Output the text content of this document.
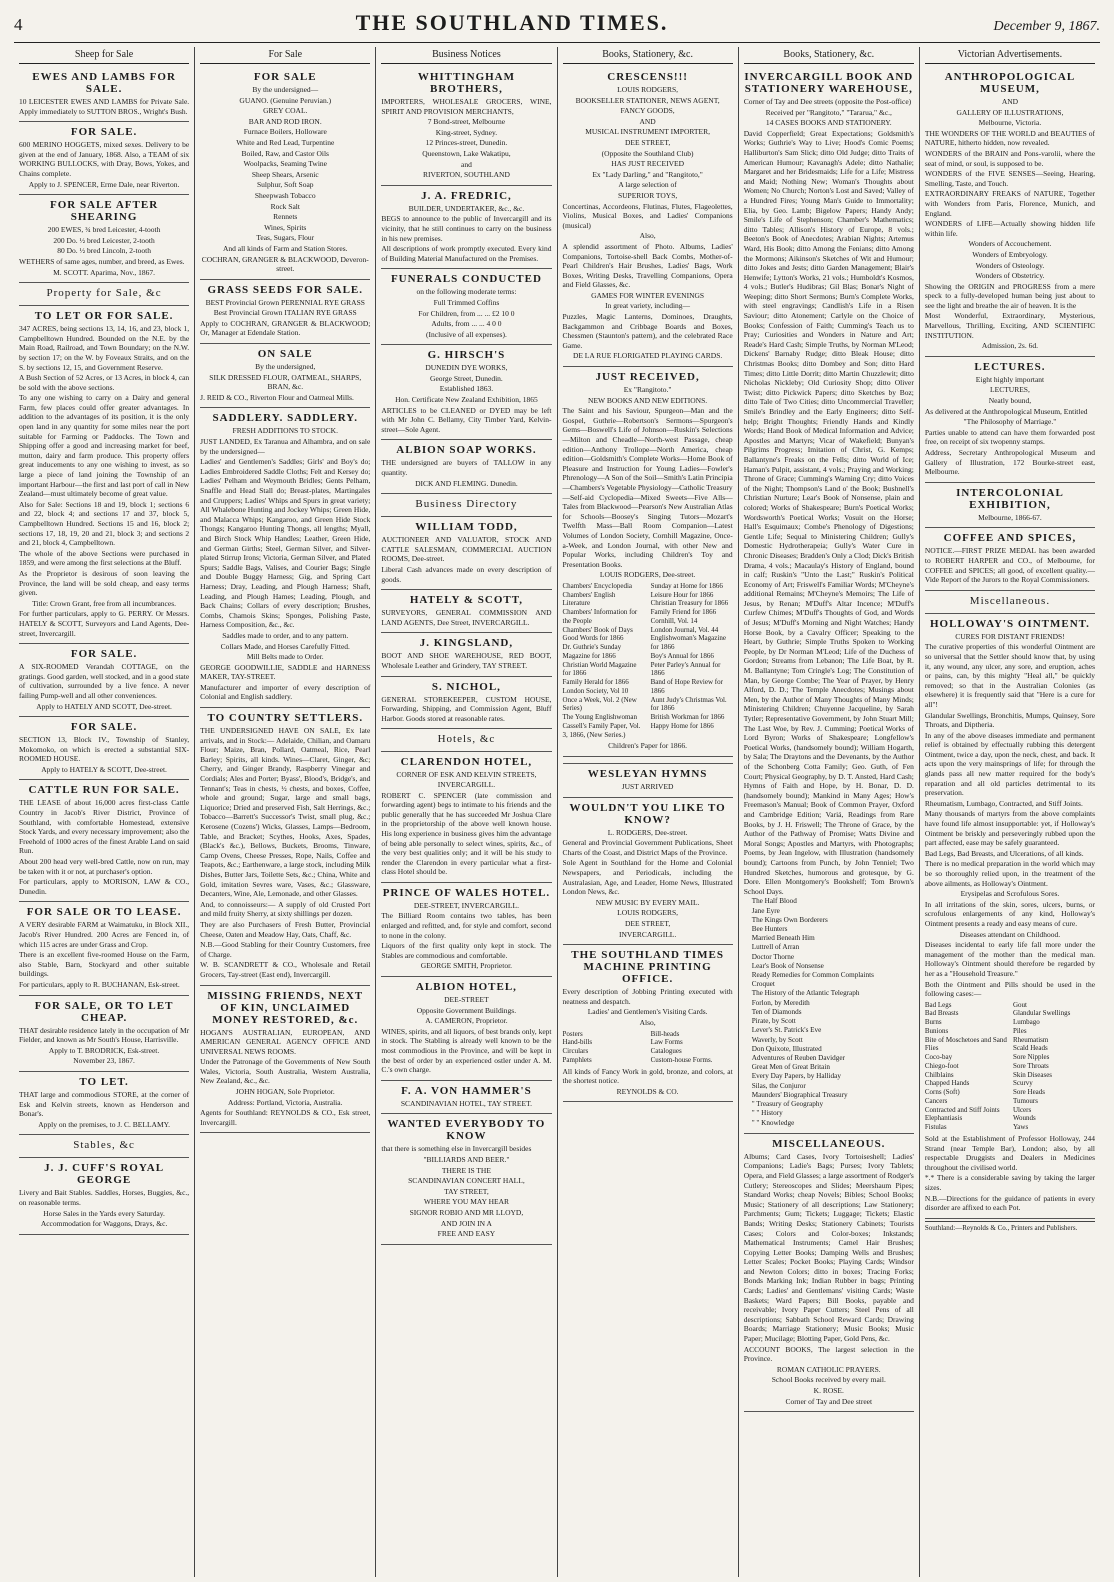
4	THE SOUTHLAND TIMES.	December 9, 1867.
Sheep for Sale
EWES AND LAMBS FOR SALE.

10 LEICESTER EWES AND LAMBS for Private Sale. Apply immediately to SUTTON BROS., Wright's Bush.

FOR SALE.

600 MERINO HOGGETS, mixed sexes. Delivery to be given at the end of January, 1868. Also, a TEAM of six WORKING BULLOCKS, with Dray, Bows, Yokes, and Chains complete.

Apply to J. SPENCER, Erme Dale, near Riverton.

FOR SALE AFTER SHEARING

200 EWES, ¾ bred Leicester, 4-tooth

200 Do. ½ bred Leicester, 2-tooth

80 Do. ½ bred Lincoln, 2-tooth

WETHERS of same ages, number, and breed, as Ewes.

M. SCOTT. Aparima, Nov., 1867.

Property for Sale, &c
TO LET OR FOR SALE.

347 ACRES, being sections 13, 14, 16, and 23, block 1, Campbelltown Hundred. Bounded on the N.E. by the Main Road, Railroad, and Town Boundary; on the N.W. by section 17; on the W. by Foveaux Straits, and on the S. by sections 12, 15, and Government Reserve.

A Bush Section of 52 Acres, or 13 Acres, in block 4, can be sold with the above sections.

To any one wishing to carry on a Dairy and general Farm, few places could offer greater advantages. In addition to the advantages of its position, it is the only open land in any quantity for some miles near the port suitable for Farming or Paddocks. The Town and Shipping offer a good and increasing market for beef, mutton, dairy and farm produce. This property offers great inducements to any one wishing to invest, as so large a piece of land joining the Township of an important Harbour—the first and last port of call in New Zealand—must ultimately become of great value.

Also for Sale: Sections 18 and 19, block 1; sections 6 and 22, block 4; and sections 17 and 37, block 5, Campbelltown Hundred. Sections 15 and 16, block 2; sections 17, 18, 19, 20 and 21, block 3; and sections 2 and 21, block 4, Campbelltown.

The whole of the above Sections were purchased in 1859, and were among the first selections at the Bluff.

As the Proprietor is desirous of soon leaving the Province, the land will be sold cheap, and easy terms given.

Title: Crown Grant, free from all incumbrances.

For further particulars, apply to G. PERRY. Or Messrs. HATELY & SCOTT, Surveyors and Land Agents, Dee-street, Invercargill.

FOR SALE.

A SIX-ROOMED Verandah COTTAGE, on the gratings. Good garden, well stocked, and in a good state of cultivation, surrounded by a live fence. A never failing Pump-well and all other conveniences.

Apply to HATELY AND SCOTT, Dee-street.

FOR SALE.

SECTION 13, Block IV., Township of Stanley, Mokomoko, on which is erected a substantial SIX-ROOMED HOUSE.

Apply to HATELY & SCOTT, Dee-street.

CATTLE RUN FOR SALE.

THE LEASE of about 16,000 acres first-class Cattle Country in Jacob's River District, Province of Southland, with comfortable Homestead, extensive Stock Yards, and every necessary improvement; also the Freehold of 1000 acres of the finest Arable Land on said Run.

About 200 head very well-bred Cattle, now on run, may be taken with it or not, at purchaser's option.

For particulars, apply to MORISON, LAW & CO., Dunedin.

FOR SALE OR TO LEASE.

A VERY desirable FARM at Waimatuku, in Block XII., Jacob's River Hundred. 200 Acres are Fenced in, of which 115 acres are under Grass and Crop.

There is an excellent five-roomed House on the Farm, also Stable, Barn, Stockyard and other suitable buildings.

For particulars, apply to R. BUCHANAN, Esk-street.

FOR SALE, OR TO LET CHEAP.

THAT desirable residence lately in the occupation of Mr Fielder, and known as Mr South's House, Harrisville.

Apply to T. BRODRICK, Esk-street.

November 23, 1867.

TO LET.

THAT large and commodious STORE, at the corner of Esk and Kelvin streets, known as Henderson and Bonar's.

Apply on the premises, to J. C. BELLAMY.

Stables, &c
J. J. CUFF'S ROYAL GEORGE

Livery and Bait Stables. Saddles, Horses, Buggies, &c., on reasonable terms.

Horse Sales in the Yards every Saturday.

Accommodation for Waggons, Drays, &c.

For Sale
FOR SALE

By the undersigned—

GUANO. (Genuine Peruvian.)

GREY COAL.

BAR AND ROD IRON.

Furnace Boilers, Holloware

White and Red Lead, Turpentine

Boiled, Raw, and Castor Oils

Woolpacks, Seaming Twine

Sheep Shears, Arsenic

Sulphur, Soft Soap

Sheepwash Tobacco

Rock Salt

Rennets

Wines, Spirits

Teas, Sugars, Flour

And all kinds of Farm and Station Stores.

COCHRAN, GRANGER & BLACKWOOD, Deveron-street.

GRASS SEEDS FOR SALE.

BEST Provincial Grown PERENNIAL RYE GRASS

Best Provincial Grown ITALIAN RYE GRASS

Apply to COCHRAN, GRANGER & BLACKWOOD; Or, Manager at Edendale Station.

ON SALE

By the undersigned,

SILK DRESSED FLOUR, OATMEAL, SHARPS, BRAN, &c.

J. REID & CO., Riverton Flour and Oatmeal Mills.

SADDLERY. SADDLERY.

FRESH ADDITIONS TO STOCK.

JUST LANDED, Ex Taranua and Alhambra, and on sale by the undersigned—

Ladies' and Gentlemen's Saddles; Girls' and Boy's do; Ladies Embroidered Saddle Cloths; Felt and Kersey do; Ladies' Pelham and Weymouth Bridles; Gents Pelham, Snaffle and Head Stall do; Breast-plates, Martingales and Cruppers; Ladies' Whips and Spurs in great variety; All Whalebone Hunting and Jockey Whips; Green Hide, and Malacca Whips; Kangaroo, and Green Hide Stock Thongs; Kangaroo Hunting Thongs, all lengths; Myall, and Birch Stock Whip Handles; Leather, Green Hide, and German Girths; Steel, German Silver, and Silver-plated Stirrup Irons; Victoria, German Silver, and Plated Spurs; Saddle Bags, Valises, and Courier Bags; Single and Double Buggy Harness; Gig, and Spring Cart Harness; Dray, Leading, and Plough Harness; Shaft, Leading, and Plough Hames; Leading, Plough, and Back Chains; Collars of every description; Brushes, Combs, Chamois Skins; Sponges, Polishing Paste, Harness Composition, &c., &c.

Saddles made to order, and to any pattern.

Collars Made, and Horses Carefully Fitted.

Mill Belts made to Order.

GEORGE GOODWILLIE, SADDLE and HARNESS MAKER, TAY-STREET.

Manufacturer and importer of every description of Colonial and English saddlery.

TO COUNTRY SETTLERS.

THE UNDERSIGNED HAVE ON SALE, Ex late arrivals, and in Stock:— Adelaide, Chilian, and Oamaru Flour; Maize, Bran, Pollard, Oatmeal, Rice, Pearl Barley; Spirits, all kinds. Wines—Claret, Ginger, &c; Cherry, and Ginger Brandy, Raspberry Vinegar and Cordials; Ales and Porter; Byass', Blood's, Bridge's, and Tennant's; Teas in chests, ½ chests, and boxes, Coffee, whole and ground; Sugar, large and small bags, Liquorice; Dried and preserved Fish, Salt Herrings, &c.; Tobacco—Barrett's Successor's Twist, small plug, &c.; Kerosene (Cozens') Wicks, Glasses, Lamps—Bedroom, Table, and Bracket; Scythes, Hooks, Axes, Spades, (Black's &c.), Bellows, Buckets, Brooms, Tinware, Camp Ovens, Cheese Presses, Rope, Nails, Coffee and Teapots, &c.; Earthenware, a large stock, including Milk Dishes, Butter Jars, Toilette Sets, &c.; China, White and Gold, imitation Sevres ware, Vases, &c.; Glassware, Decanters, Wine, Ale, Lemonade, and other Glasses.

And, to connoisseurs:— A supply of old Crusted Port and mild fruity Sherry, at sixty shillings per dozen.

They are also Purchasers of Fresh Butter, Provincial Cheese, Oaten and Meadow Hay, Oats, Chaff, &c.

N.B.—Good Stabling for their Country Customers, free of Charge.

W. B. SCANDRETT & CO., Wholesale and Retail Grocers, Tay-street (East end), Invercargill.

MISSING FRIENDS, NEXT OF KIN, UNCLAIMED MONEY RESTORED, &c.

HOGAN'S AUSTRALIAN, EUROPEAN, AND AMERICAN GENERAL AGENCY OFFICE AND UNIVERSAL NEWS ROOMS.

Under the Patronage of the Governments of New South Wales, Victoria, South Australia, Western Australia, New Zealand, &c., &c.

JOHN HOGAN, Sole Proprietor.

Address: Portland, Victoria, Australia.

Agents for Southland: REYNOLDS & CO., Esk street, Invercargill.

Business Notices
WHITTINGHAM BROTHERS,

IMPORTERS, WHOLESALE GROCERS, WINE, SPIRIT AND PROVISION MERCHANTS,

7 Bond-street, Melbourne

King-street, Sydney.

12 Princes-street, Dunedin.

Queenstown, Lake Wakatipu,

and

RIVERTON, SOUTHLAND

J. A. FREDRIC,

BUILDER, UNDERTAKER, &c., &c.

BEGS to announce to the public of Invercargill and its vicinity, that he still continues to carry on the business in his new premises.

All descriptions of work promptly executed. Every kind of Building Material Manufactured on the Premises.

FUNERALS CONDUCTED

on the following moderate terms:

Full Trimmed Coffins

For Children, from ... ... £2 10 0

Adults, from ... ... 4 0 0

(Inclusive of all expenses).

G. HIRSCH'S

DUNEDIN DYE WORKS,

George Street, Dunedin.

Established 1863.

Hon. Certificate New Zealand Exhibition, 1865

ARTICLES to be CLEANED or DYED may be left with Mr John C. Bellamy, City Timber Yard, Kelvin-street—Sole Agent.

ALBION SOAP WORKS.

THE undersigned are buyers of TALLOW in any quantity.

DICK AND FLEMING. Dunedin.

Business Directory
WILLIAM TODD,

AUCTIONEER AND VALUATOR, STOCK AND CATTLE SALESMAN, COMMERCIAL AUCTION ROOMS, Dee-street.

Liberal Cash advances made on every description of goods.

HATELY & SCOTT,

SURVEYORS, GENERAL COMMISSION AND LAND AGENTS, Dee Street, INVERCARGILL.

J. KINGSLAND,

BOOT AND SHOE WAREHOUSE, RED BOOT, Wholesale Leather and Grindery, TAY STREET.

S. NICHOL,

GENERAL STOREKEEPER, CUSTOM HOUSE, Forwarding, Shipping, and Commission Agent, Bluff Harbor. Goods stored at reasonable rates.

Hotels, &c
CLARENDON HOTEL,

CORNER OF ESK AND KELVIN STREETS, INVERCARGILL.

ROBERT C. SPENCER (late commission and forwarding agent) begs to intimate to his friends and the public generally that he has succeeded Mr Joshua Clare in the proprietorship of the above well known house. His long experience in business gives him the advantage of being able personally to select wines, spirits, &c., of the very best qualities only; and it will be his study to render the Clarendon in every particular what a first-class Hotel should be.

PRINCE OF WALES HOTEL.

DEE-STREET, INVERCARGILL.

The Billiard Room contains two tables, has been enlarged and refitted, and, for style and comfort, second to none in the colony.

Liquors of the first quality only kept in stock. The Stables are commodious and comfortable.

GEORGE SMITH, Proprietor.

ALBION HOTEL,

DEE-STREET

Opposite Government Buildings.

A. CAMERON, Proprietor.

WINES, spirits, and all liquors, of best brands only, kept in stock. The Stabling is already well known to be the most commodious in the Province, and will be kept in the best of order by an experienced ostler under A. M. C.'s own charge.

F. A. VON HAMMER'S

SCANDINAVIAN HOTEL, TAY STREET.

WANTED EVERYBODY TO KNOW

that there is something else in Invercargill besides

"BILLIARDS AND BEER."

THERE IS THE

SCANDINAVIAN CONCERT HALL,

TAY STREET,

WHERE YOU MAY HEAR

SIGNOR ROBIO AND MR LLOYD,

AND JOIN IN A

FREE AND EASY

Books, Stationery, &c.
CRESCENS!!!

LOUIS RODGERS,

BOOKSELLER STATIONER, NEWS AGENT,

FANCY GOODS,

AND

MUSICAL INSTRUMENT IMPORTER,

DEE STREET,

(Opposite the Southland Club)

HAS JUST RECEIVED

Ex "Lady Darling," and "Rangitoto,"

A large selection of

SUPERIOR TOYS,

Concertinas, Accordeons, Flutinas, Flutes, Flageolettes, Violins, Musical Boxes, and Ladies' Companions (musical)

Also,

A splendid assortment of Photo. Albums, Ladies' Companions, Tortoise-shell Back Combs, Mother-of-Pearl Children's Hair Brushes, Ladies' Bags, Work Boxes, Writing Desks, Travelling Companions, Opera and Field Glasses, &c.

GAMES FOR WINTER EVENINGS

In great variety, including—

Puzzles, Magic Lanterns, Dominoes, Draughts, Backgammon and Cribbage Boards and Boxes, Chessmen (Staunton's pattern), and the celebrated Race Game.

DE LA RUE FLORIGATED PLAYING CARDS.

JUST RECEIVED,

Ex "Rangitoto."

NEW BOOKS AND NEW EDITIONS.

The Saint and his Saviour, Spurgeon—Man and the Gospel, Guthrie—Robertson's Sermons—Spurgeon's Gems—Boswell's Life of Johnson—Ruskin's Selections—Milton and Cheadle—North-west Passage, cheap edition—Anthony Trollope—North America, cheap edition—Goldsmith's Complete Works—Home Book of Pleasure and Instruction for Young Ladies—Fowler's Phrenology—A Son of the Soil—Smith's Latin Principia—Chambers's Vegetable Physiology—Catholic Treasury—Self-aid Cyclopedia—Mixed Sweets—Five Alls—Tales from Blackwood—Pearson's New Australian Atlas for Schools—Boosey's Singing Tutors—Mozart's Twelfth Mass—Ball Room Companion—Latest Volumes of London Society, Cornhill Magazine, Once-a-Week, and London Journal, with other New and Popular Works, including Children's Toy and Presentation Books.

LOUIS RODGERS, Dee-street.

Chambers' Encyclopedia
Chambers' English Literature
Chambers' Information for the People
Chambers' Book of Days
Good Words for 1866
Dr. Guthrie's Sunday Magazine for 1866
Christian World Magazine for 1866
Family Herald for 1866
London Society, Vol 10
Once a Week, Vol. 2 (New Series)
The Young Englishwoman
Cassell's Family Paper, Vol. 3, 1866, (New Series.)
Sunday at Home for 1866
Leisure Hour for 1866
Christian Treasury for 1866
Family Friend for 1866
Cornhill, Vol. 14
London Journal, Vol. 44
Englishwoman's Magazine for 1866
Boy's Annual for 1866
Peter Parley's Annual for 1866
Band of Hope Review for 1866
Aunt Judy's Christmas Vol. for 1866
British Workman for 1866
Happy Home for 1866

Children's Paper for 1866.

WESLEYAN HYMNS

JUST ARRIVED

WOULDN'T YOU LIKE TO KNOW?

L. RODGERS, Dee-street.

General and Provincial Government Publications, Sheet Charts of the Coast, and District Maps of the Province.

Sole Agent in Southland for the Home and Colonial Newspapers, and Periodicals, including the Australasian, Age, and Leader, Home News, Illustrated London News, &c.

NEW MUSIC BY EVERY MAIL.

LOUIS RODGERS,

DEE STREET,

INVERCARGILL.

THE SOUTHLAND TIMES MACHINE PRINTING OFFICE.

Every description of Jobbing Printing executed with neatness and despatch.

Ladies' and Gentlemen's Visiting Cards.

Also,

Posters
Hand-bills
Circulars
Pamphlets
Bill-heads
Law Forms
Catalogues
Custom-house Forms.

All kinds of Fancy Work in gold, bronze, and colors, at the shortest notice.

REYNOLDS & CO.

Books, Stationery, &c.
INVERCARGILL BOOK AND STATIONERY WAREHOUSE,

Corner of Tay and Dee streets (opposite the Post-office)

Received per "Rangitoto," "Tararua," &c.,

14 CASES BOOKS AND STATIONERY.

David Copperfield; Great Expectations; Goldsmith's Works; Guthrie's Way to Live; Hood's Comic Poems; Halliburton's Sam Slick; ditto Old Judge; ditto Traits of American Humour; Kavanagh's Adele; ditto Nathalie; Margaret and her Bridesmaids; Life for a Life; Mistress and Maid; Nothing New; Woman's Thoughts about Women; No Church; Norton's Lost and Saved; Valley of a Hundred Fires; Young Man's Guide to Immortality; Elia, by Geo. Lamb; Bigelow Papers; Handy Andy; Smile's Life of Stephenson; Chamber's Mathematics; ditto Tables; Allison's History of Europe, 8 vols.; Beeton's Book of Anecdotes; Arabian Nights; Artemus Ward, His Book; ditto Among the Fenians; ditto Among the Mormons; Aikinson's Sketches of Wit and Humour; ditto Jokes and Jests; ditto Garden Management; Blair's Henwife; Lytton's Works, 21 vols.; Humboldt's Kosmos, 4 vols.; Butler's Hudibras; Gil Blas; Bonar's Night of Weeping; ditto Short Sermons; Burn's Complete Works, with steel engravings; Candlish's Life in a Risen Saviour; ditto Atonement; Carlyle on the Choice of Books; Confession of Faith; Cumming's Teach us to Pray; Curiosities and Wonders in Nature and Art; Reade's Hard Cash; Simple Truths, by Norman M'Leod; Dickens' Barnaby Rudge; ditto Bleak House; ditto Christmas Books; ditto Dombey and Son; ditto Hard Times; ditto Little Dorrit; ditto Martin Chuzzlewit; ditto Nicholas Nickleby; Old Curiosity Shop; ditto Oliver Twist; ditto Pickwick Papers; ditto Sketches by Boz; ditto Tale of Two Cities; ditto Uncommercial Traveller; Smile's Brindley and the Early Engineers; ditto Self-help; Bright Thoughts; Friendly Hands and Kindly Words; Hand Book of Medical Information and Advice; Apostles and Martyrs; Vicar of Wakefield; Bunyan's Pilgrims Progress; Imitation of Christ, G. Kemps; Ballantyne's Freaks on the Fells; ditto World of Ice; Haman's Pulpit, assistant, 4 vols.; Praying and Working; Throne of Grace; Cumming's Warning Cry; ditto Voices of the Night; Thompson's Land o' the Book; Bushnell's Christian Nurture; Lear's Book of Nonsense, plain and colored; Works of Shakespeare; Burn's Poetical Works; Wordsworth's Poetical Works; Vosuit on the Horse; Hall's Esquimaux; Combe's Phenology of Digestions; Gentle Life; Sequal to Ministering Children; Gully's Domestic Hydrotherapeia; Gully's Water Cure in Chronic Diseases; Bradden's Only a Clod; Dick's British Drama, 4 vols.; Macaulay's History of England, bound in calf; Ruskin's "Unto the Last;" Ruskin's Political Economy of Art; Friswell's Familiar Words; M'Cheyne's additional Remains; M'Cheyne's Memoirs; The Life of Jesus, by Renan; M'Duff's Altar Incence; M'Duff's Curfew Chimes; M'Duff's Thoughts of God, and Words of Jesus; M'Duff's Morning and Night Watches; Handy Horse Book, by a Cavalry Officer; Speaking to the Heart, by Guthrie; Simple Truths Spoken to Working People, by Dr Norman M'Leod; Life of the Duchess of Gordon; Streams from Lebanon; The Life Boat, by R. M. Ballantyne; Tom Cringle's Log; The Constitution of Man, by George Combe; The Year of Prayer, by Henry Alford, D. D.; The Temple Anecdotes; Musings about Men, by the Author of Many Thoughts of Many Minds; Ministering Children; Chuyenne Jacqueline, by Sarah Tytler; Representative Government, by John Stuart Mill; The Last Woe, by Rev. J. Cumming; Poetical Works of Lord Byron; Works of Shakespeare; Longfellow's Poetical Works, (handsomely bound); William Hogarth, by Sala; The Draytons and the Devenants, by the Author of the Schonberg Cotta Family; Geo. Guth, of Fen Court; Physical Geography, by D. T. Ansted, Hard Cash; Hymns of Faith and Hope, by H. Bonar, D. D. (handsomely bound); Mankind in Many Ages; How's Freemason's Manual; Book of Common Prayer, Oxford and Cambridge Edition; Variá, Readings from Rare Books, by J. H. Friswell; The Throne of Grace, by the Author of the Pathway of Promise; Watts Divine and Moral Songs; Apostles and Martyrs, with Photographs; Poems, by Jean Ingelow, with Illustration (handsomely bound); Cartoons from Punch, by John Tenniel; Two Hundred Sketches, humorous and grotesque, by G. Dore. Ellen Montgomery's Bookshelf; Tom Brown's School Days.

The Half Blood
Jane Eyre
The Kings Own Borderers
Bee Hunters
Married Beneath Him
Luttrell of Arran
Doctor Thorne
Lear's Book of Nonsense
Ready Remedies for Common Complaints
Croquet
The History of the Atlantic Telegraph
Forlon, by Meredith
Ten of Diamonds
Pirate, by Scott
Lever's St. Patrick's Eve
Waverly, by Scott
Don Quixote, Illustrated
Adventures of Reuben Davidger
Great Men of Great Britain
Every Day Papers, by Halliday
Silas, the Conjuror
Maunders' Biographical Treasury
" Treasury of Geography
" " History
" " Knowledge
MISCELLANEOUS.

Albums; Card Cases, Ivory Tortoiseshell; Ladies' Companions; Ladie's Bags; Purses; Ivory Tablets; Opera, and Field Glasses; a large assortment of Rodger's Cutlery; Stereoscopes and Slides; Meershaum Pipes; Standard Works; cheap Novels; Bibles; School Books; Music; Stationery of all descriptions; Law Stationery; Parchments; Gum; Tickets; Luggage; Tickets; Elastic Bands; Writing Desks; Stationery Cabinets; Tourists Cases; Colors and Color-boxes; Inkstands; Mathematical Instruments; Camel Hair Brushes; Copying Letter Books; Damping Wells and Brushes; Letter Scales; Pocket Books; Playing Cards; Windsor and Newton Colors; ditto in boxes; Tracing Forks; Bonds Marking Ink; Indian Rubber in bags; Printing Cards; Ladies' and Gentlemans' visiting Cards; Waste Baskets; Ward Papers; Bill Books, payable and receivable; Ivory Paper Cutters; Steel Pens of all descriptions; Sabbath School Reward Cards; Drawing Boards; Marriage Stationery; Music Books; Music Paper; Mucilage; Blotting Paper, Gold Pens, &c.

ACCOUNT BOOKS, The largest selection in the Province.

ROMAN CATHOLIC PRAYERS.

School Books received by every mail.

K. ROSE.

Corner of Tay and Dee street

Victorian Advertisements.
ANTHROPOLOGICAL MUSEUM,

AND

GALLERY OF ILLUSTRATIONS,

Melbourne, Victoria.

THE WONDERS OF THE WORLD and BEAUTIES of NATURE, hitherto hidden, now revealed.

WONDERS of the BRAIN and Pons-varolii, where the seat of mind, or soul, is supposed to be.

WONDERS of the FIVE SENSES—Seeing, Hearing, Smelling, Taste, and Touch.

EXTRAORDINARY FREAKS of NATURE, Together with Wonders from Paris, Florence, Munich, and England.

WONDERS of LIFE—Actually showing hidden life within life.

Wonders of Accouchement.

Wonders of Embryology.

Wonders of Osteology.

Wonders of Obstetricy.

Showing the ORIGIN and PROGRESS from a mere speck to a fully-developed human being just about to see the light and breathe the air of heaven. It is the

Most Wonderful, Extraordinary, Mysterious, Marvellous, Thrilling, Exciting, AND SCIENTIFIC INSTITUTION.

Admission, 2s. 6d.

LECTURES.

Eight highly important

LECTURES,

Neatly bound,

As delivered at the Anthropological Museum, Entitled

"The Philosophy of Marriage."

Parties unable to attend can have them forwarded post free, on receipt of six twopenny stamps.

Address, Secretary Anthropological Museum and Gallery of Illustration, 172 Bourke-street east, Melbourne.

INTERCOLONIAL EXHIBITION,

Melbourne, 1866-67.

COFFEE AND SPICES,

NOTICE.—FIRST PRIZE MEDAL has been awarded to ROBERT HARPER and CO., of Melbourne, for COFFEE and SPICES; all good, of excellent quality.—Vide Report of the Jurors to the Royal Commissioners.

Miscellaneous.
HOLLOWAY'S OINTMENT.

CURES FOR DISTANT FRIENDS!

The curative properties of this wonderful Ointment are so universal that the Settler should know that, by using it, any wound, any ulcer, any sore, and eruption, aches or pains, can, by this mighty "Heal all," be quickly removed; so that in the Australian Colonies (as elsewhere) it is frequently said that "Here is a cure for all"!

Glandular Swellings, Bronchitis, Mumps, Quinsey, Sore Throats, and Diptheria.

In any of the above diseases immediate and permanent relief is obtained by effectually rubbing this detergent Ointment, twice a day, upon the neck, chest, and back. It acts upon the very mainsprings of life; for through the glands pass all new matter required for the body's reparation and all old particles detrimental to its preservation.

Rheumatism, Lumbago, Contracted, and Stiff Joints.

Many thousands of martyrs from the above complaints have found life almost insupportable: yet, if Holloway's Ointment be briskly and perseveringly rubbed upon the part affected, ease may be safely guaranteed.

Bad Legs, Bad Breasts, and Ulcerations, of all kinds.

There is no medical preparation in the world which may be so thoroughly relied upon, in the treatment of the above ailments, as Holloway's Ointment.

Erysipelas and Scrofulous Sores.

In all irritations of the skin, sores, ulcers, burns, or scrofulous enlargements of any kind, Holloway's Ointment presents a ready and easy means of cure.

Diseases attendant on Childhood.

Diseases incidental to early life fall more under the management of the mother than the medical man. Holloway's Ointment should therefore be regarded by her as a "Household Treasure."

Both the Ointment and Pills should be used in the following cases:—

Bad Legs
Bad Breasts
Burns
Bunions
Bite of Moschetoes and Sand Flies
Coco-bay
Chiego-foot
Chilblains
Chapped Hands
Corns (Soft)
Cancers
Contracted and Stiff Joints
Elephantiasis
Fistulas
Gout
Glandular Swellings
Lumbago
Piles
Rheumatism
Scald Heads
Sore Nipples
Sore Throats
Skin Diseases
Scurvy
Sore Heads
Tumours
Ulcers
Wounds
Yaws

Sold at the Establishment of Professor Holloway, 244 Strand (near Temple Bar), London; also, by all respectable Druggists and Dealers in Medicines throughout the civilised world.

*.* There is a considerable saving by taking the larger sizes.

N.B.—Directions for the guidance of patients in every disorder are affixed to each Pot.

Southland:—Reynolds & Co., Printers and Publishers.
